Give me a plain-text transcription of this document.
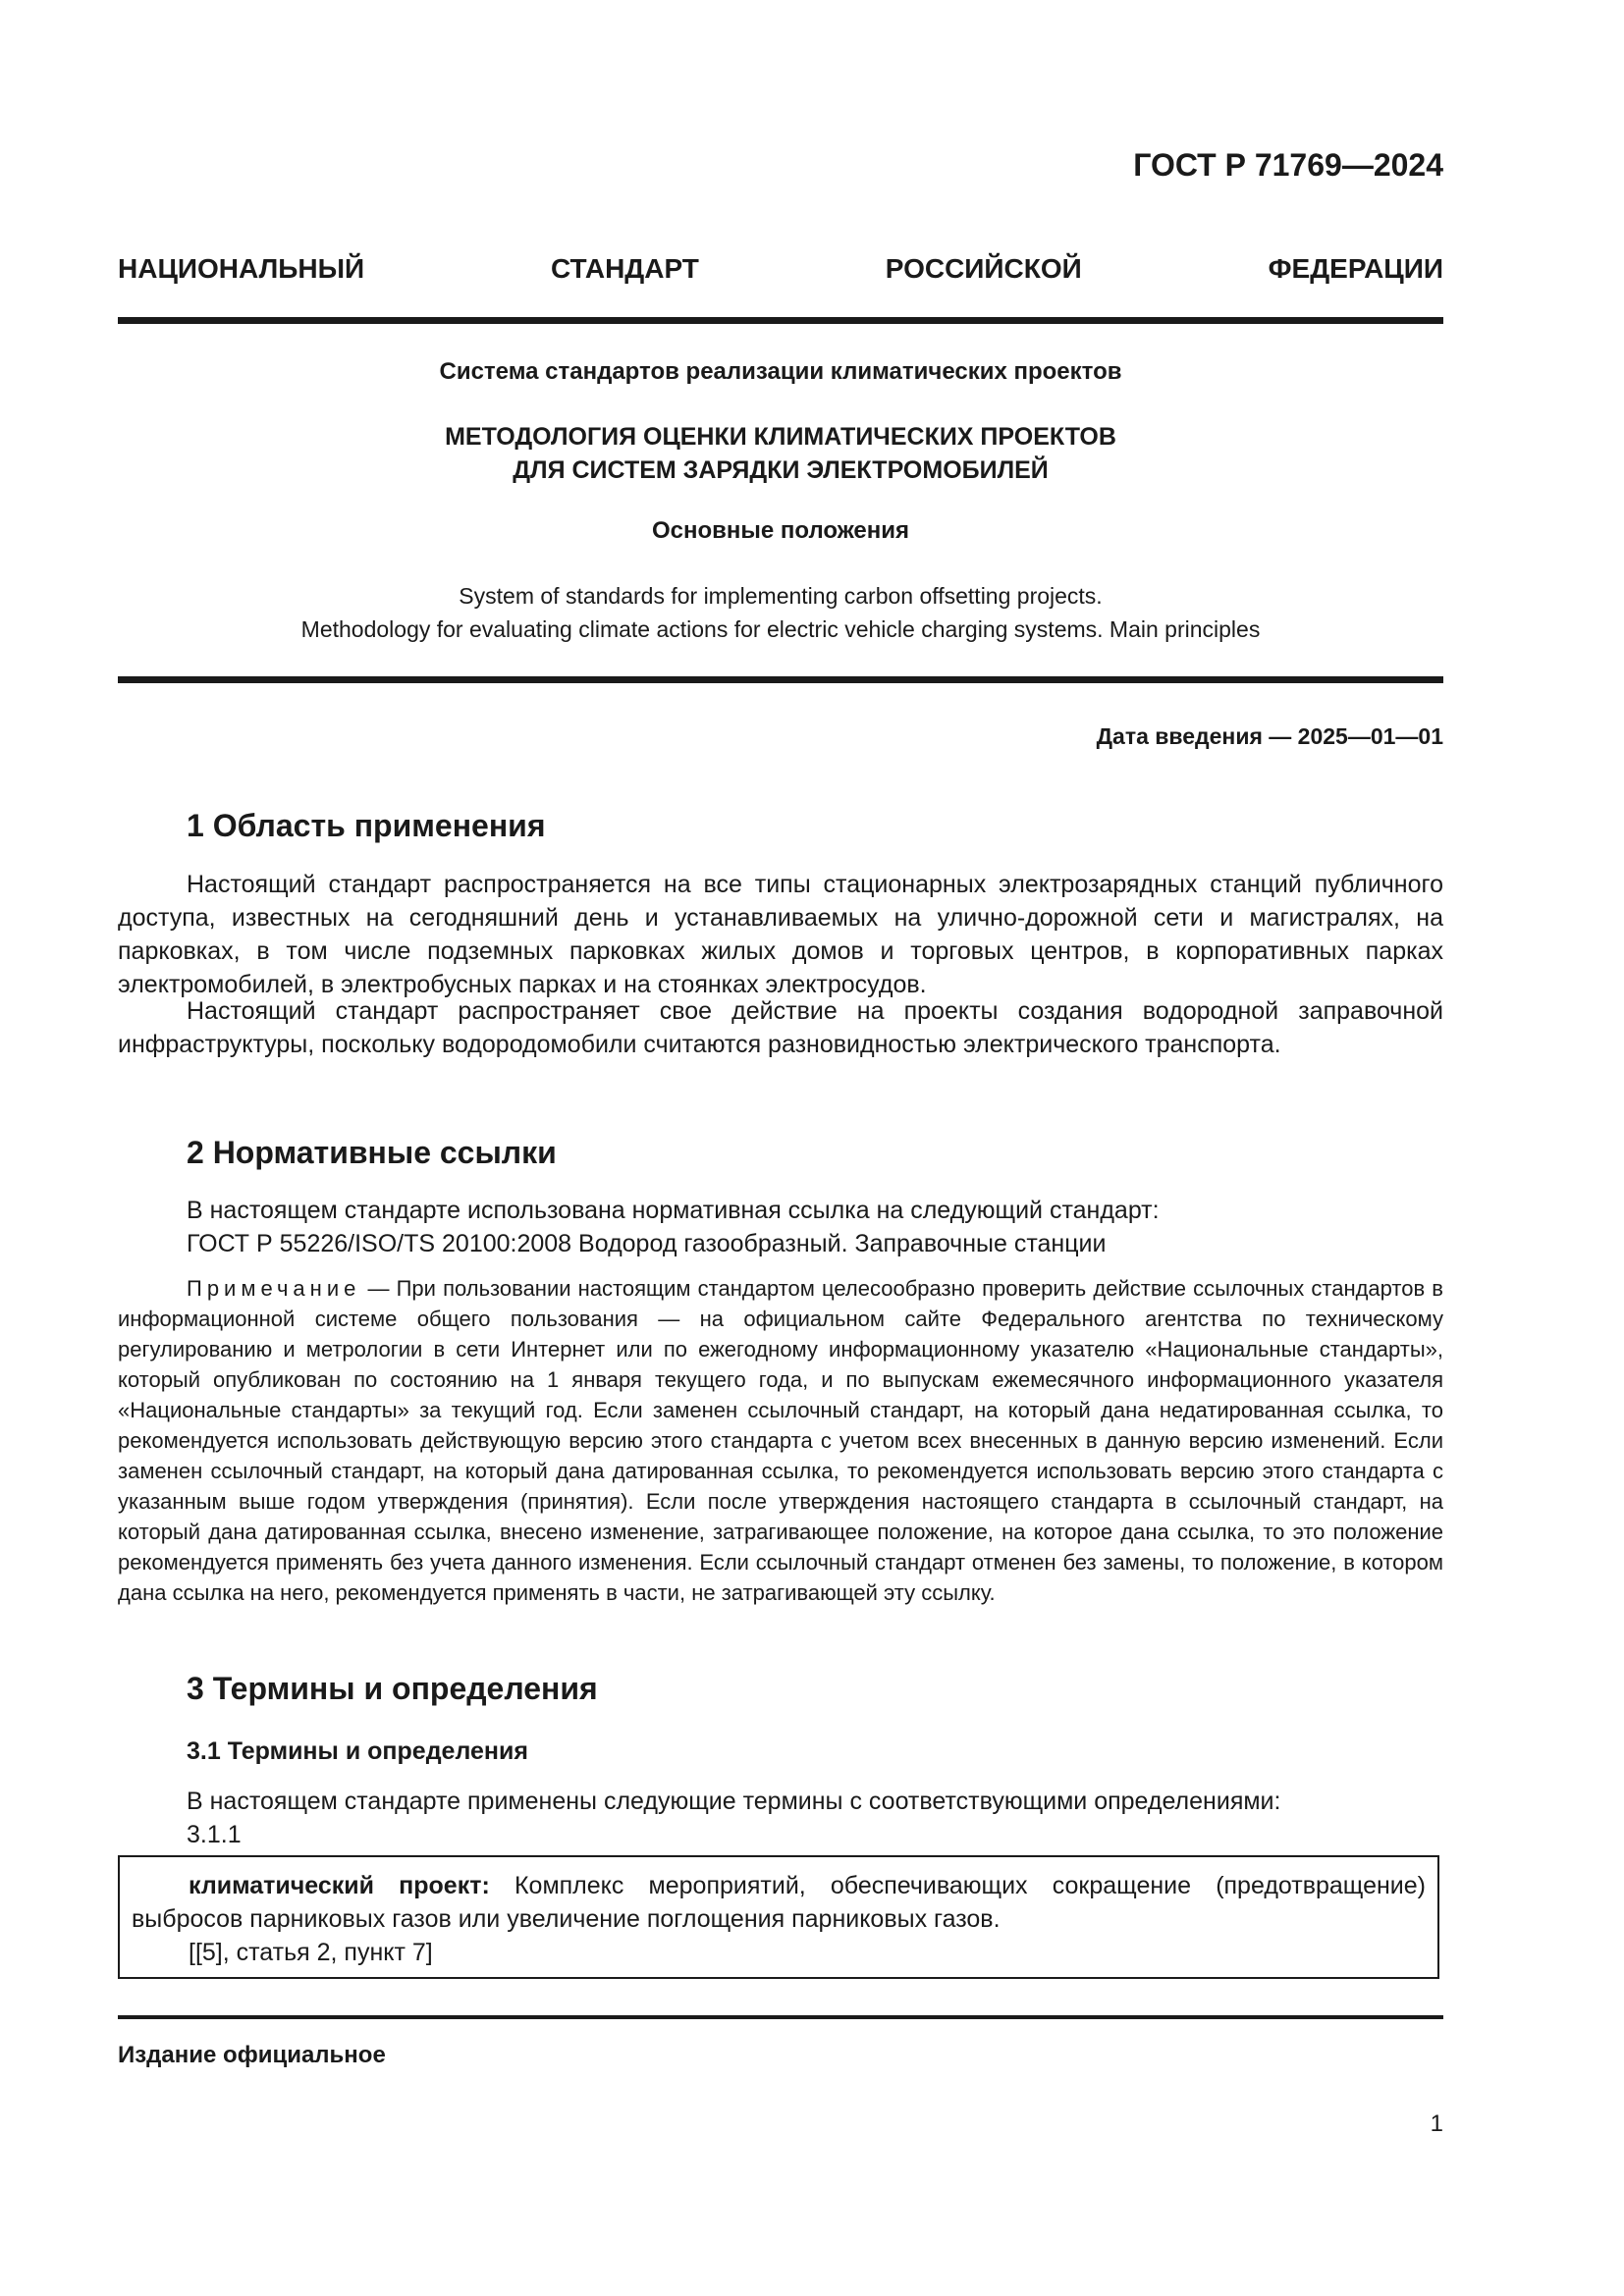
ГОСТ Р 71769—2024
НАЦИОНАЛЬНЫЙ СТАНДАРТ РОССИЙСКОЙ ФЕДЕРАЦИИ
Система стандартов реализации климатических проектов
МЕТОДОЛОГИЯ ОЦЕНКИ КЛИМАТИЧЕСКИХ ПРОЕКТОВ
ДЛЯ СИСТЕМ ЗАРЯДКИ ЭЛЕКТРОМОБИЛЕЙ
Основные положения
System of standards for implementing carbon offsetting projects.
Methodology for evaluating climate actions for electric vehicle charging systems. Main principles
Дата введения — 2025—01—01
1 Область применения

Настоящий стандарт распространяется на все типы стационарных электрозарядных станций публичного доступа, известных на сегодняшний день и устанавливаемых на улично-дорожной сети и магистралях, на парковках, в том числе подземных парковках жилых домов и торговых центров, в корпоративных парках электромобилей, в электробусных парках и на стоянках электросудов.

Настоящий стандарт распространяет свое действие на проекты создания водородной заправочной инфраструктуры, поскольку водородомобили считаются разновидностью электрического транспорта.

2 Нормативные ссылки
В настоящем стандарте использована нормативная ссылка на следующий стандарт:
ГОСТ Р 55226/ISO/TS 20100:2008 Водород газообразный. Заправочные станции

Примечание — При пользовании настоящим стандартом целесообразно проверить действие ссылочных стандартов в информационной системе общего пользования — на официальном сайте Федерального агентства по техническому регулированию и метрологии в сети Интернет или по ежегодному информационному указателю «Национальные стандарты», который опубликован по состоянию на 1 января текущего года, и по выпускам ежемесячного информационного указателя «Национальные стандарты» за текущий год. Если заменен ссылочный стандарт, на который дана недатированная ссылка, то рекомендуется использовать действующую версию этого стандарта с учетом всех внесенных в данную версию изменений. Если заменен ссылочный стандарт, на который дана датированная ссылка, то рекомендуется использовать версию этого стандарта с указанным выше годом утверждения (принятия). Если после утверждения настоящего стандарта в ссылочный стандарт, на который дана датированная ссылка, внесено изменение, затрагивающее положение, на которое дана ссылка, то это положение рекомендуется применять без учета данного изменения. Если ссылочный стандарт отменен без замены, то положение, в котором дана ссылка на него, рекомендуется применять в части, не затрагивающей эту ссылку.

3 Термины и определения
3.1 Термины и определения
В настоящем стандарте применены следующие термины с соответствующими определениями:
3.1.1

климатический проект: Комплекс мероприятий, обеспечивающих сокращение (предотвращение) выбросов парниковых газов или увеличение поглощения парниковых газов.

[[5], статья 2, пункт 7]

Издание официальное
1
